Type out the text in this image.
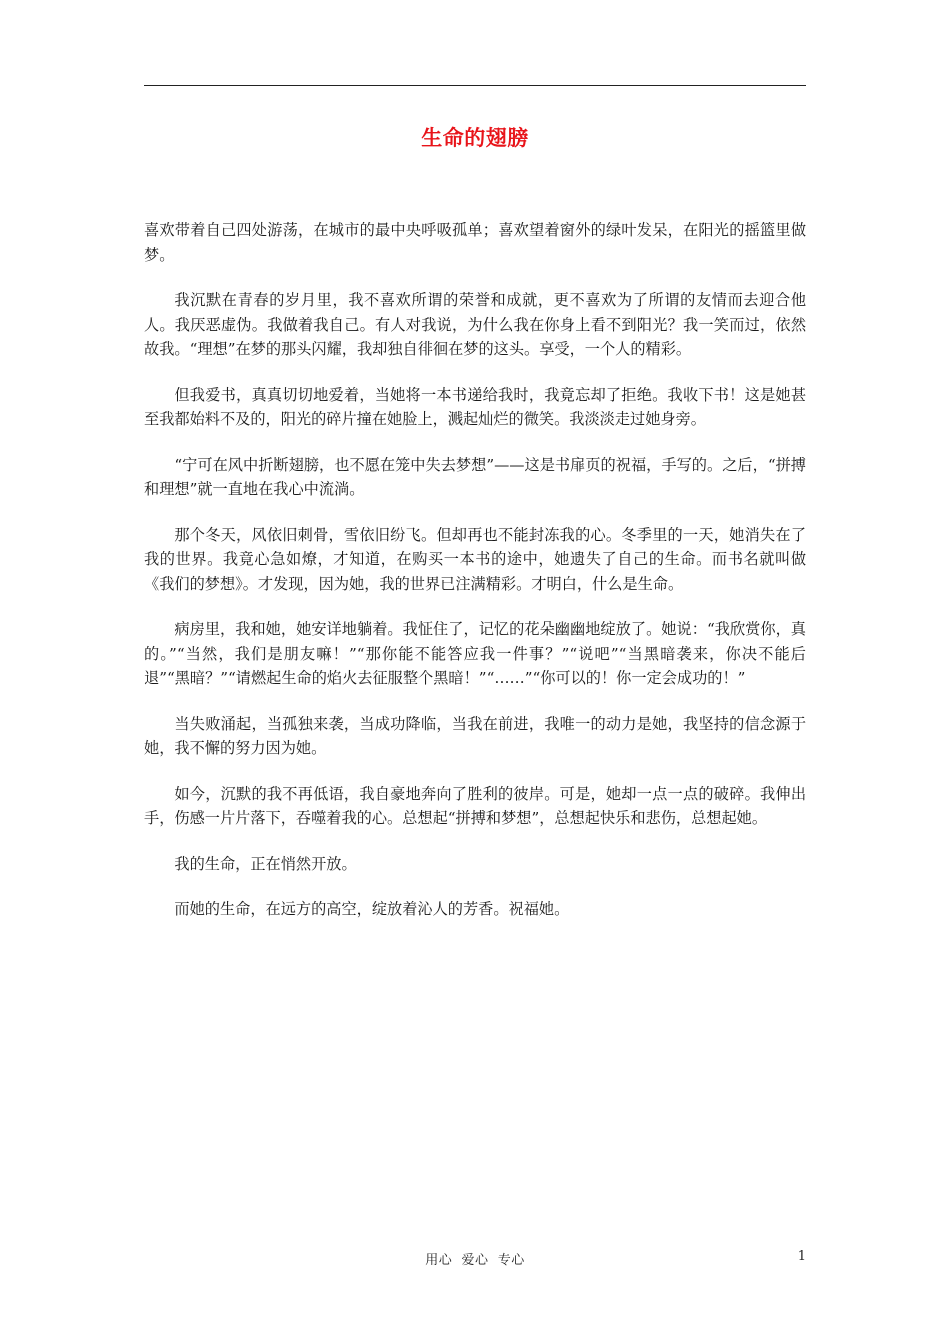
生命的翅膀

喜欢带着自己四处游荡，在城市的最中央呼吸孤单；喜欢望着窗外的绿叶发呆，在阳光的摇篮里做梦。

我沉默在青春的岁月里，我不喜欢所谓的荣誉和成就，更不喜欢为了所谓的友情而去迎合他人。我厌恶虚伪。我做着我自己。有人对我说，为什么我在你身上看不到阳光？我一笑而过，依然故我。“理想”在梦的那头闪耀，我却独自徘徊在梦的这头。享受，一个人的精彩。

但我爱书，真真切切地爱着，当她将一本书递给我时，我竟忘却了拒绝。我收下书！这是她甚至我都始料不及的，阳光的碎片撞在她脸上，溅起灿烂的微笑。我淡淡走过她身旁。

“宁可在风中折断翅膀，也不愿在笼中失去梦想”——这是书扉页的祝福，手写的。之后，“拼搏和理想”就一直地在我心中流淌。

那个冬天，风依旧刺骨，雪依旧纷飞。但却再也不能封冻我的心。冬季里的一天，她消失在了我的世界。我竟心急如燎，才知道，在购买一本书的途中，她遗失了自己的生命。而书名就叫做《我们的梦想》。才发现，因为她，我的世界已注满精彩。才明白，什么是生命。

病房里，我和她，她安详地躺着。我怔住了，记忆的花朵幽幽地绽放了。她说：“我欣赏你，真的。”“当然，我们是朋友嘛！”“那你能不能答应我一件事？”“说吧”“当黑暗袭来，你决不能后退”“黑暗？”“请燃起生命的焰火去征服整个黑暗！”“……”“你可以的！你一定会成功的！”

当失败涌起，当孤独来袭，当成功降临，当我在前进，我唯一的动力是她，我坚持的信念源于她，我不懈的努力因为她。

如今，沉默的我不再低语，我自豪地奔向了胜利的彼岸。可是，她却一点一点的破碎。我伸出手，伤感一片片落下，吞噬着我的心。总想起“拼搏和梦想”，总想起快乐和悲伤，总想起她。

我的生命，正在悄然开放。

而她的生命，在远方的高空，绽放着沁人的芳香。祝福她。

用心  爱心  专心	1
